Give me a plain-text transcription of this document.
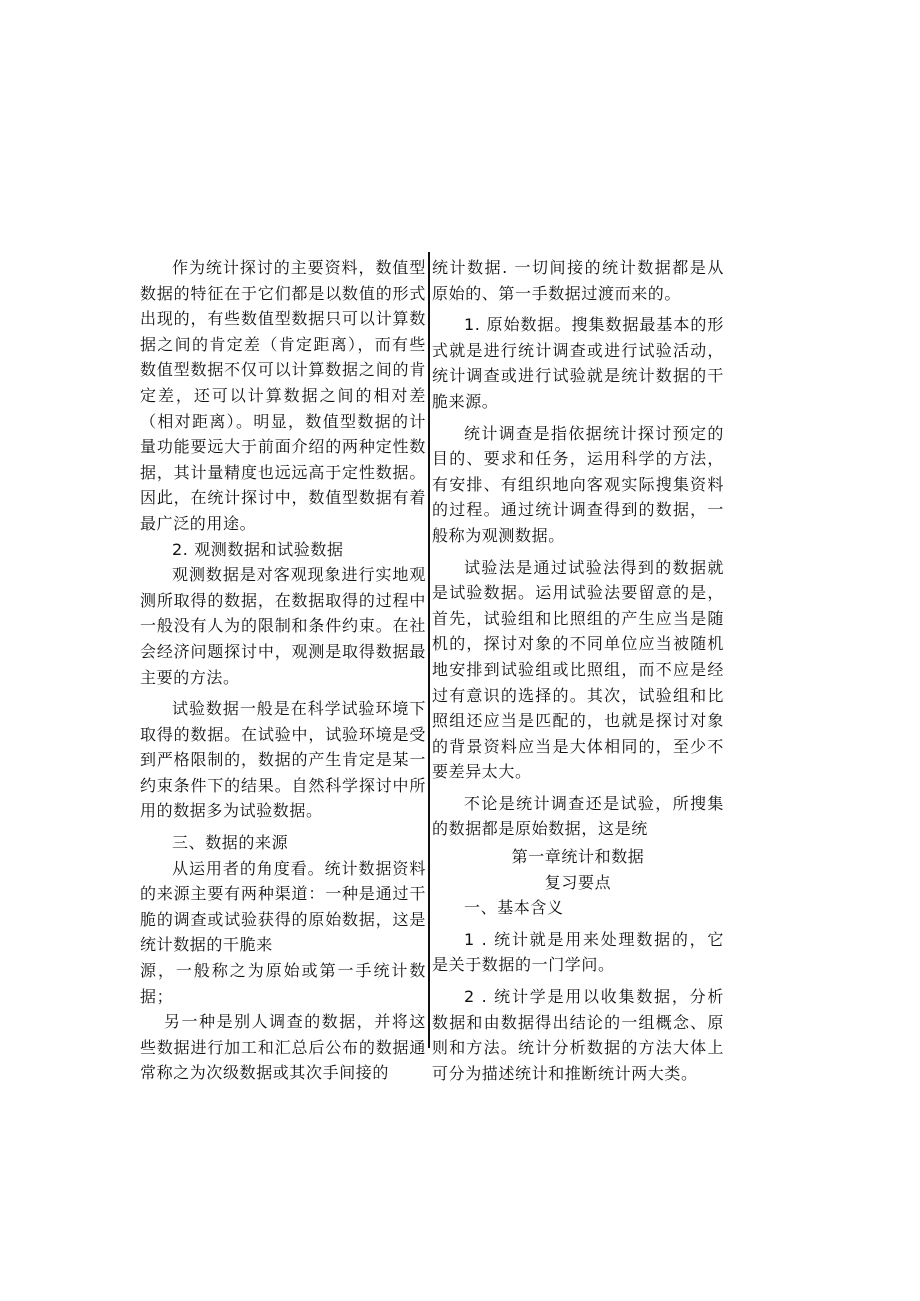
作为统计探讨的主要资料，数值型数据的特征在于它们都是以数值的形式出现的，有些数值型数据只可以计算数据之间的肯定差（肯定距离），而有些数值型数据不仅可以计算数据之间的肯定差，还可以计算数据之间的相对差（相对距离）。明显，数值型数据的计量功能要远大于前面介绍的两种定性数据，其计量精度也远远高于定性数据。因此，在统计探讨中，数值型数据有着最广泛的用途。

2. 观测数据和试验数据

观测数据是对客观现象进行实地观测所取得的数据，在数据取得的过程中一般没有人为的限制和条件约束。在社会经济问题探讨中，观测是取得数据最主要的方法。

试验数据一般是在科学试验环境下取得的数据。在试验中，试验环境是受到严格限制的，数据的产生肯定是某一约束条件下的结果。自然科学探讨中所用的数据多为试验数据。

三、数据的来源

从运用者的角度看。统计数据资料的来源主要有两种渠道：一种是通过干脆的调查或试验获得的原始数据，这是统计数据的干脆来

源，一般称之为原始或第一手统计数据；

另一种是别人调查的数据，并将这些数据进行加工和汇总后公布的数据通常称之为次级数据或其次手间接的

统计数据. 一切间接的统计数据都是从原始的、第一手数据过渡而来的。

1. 原始数据。搜集数据最基本的形式就是进行统计调查或进行试验活动，统计调查或进行试验就是统计数据的干脆来源。

统计调查是指依据统计探讨预定的目的、要求和任务，运用科学的方法，有安排、有组织地向客观实际搜集资料的过程。通过统计调查得到的数据，一般称为观测数据。

试验法是通过试验法得到的数据就是试验数据。运用试验法要留意的是，首先，试验组和比照组的产生应当是随机的，探讨对象的不同单位应当被随机地安排到试验组或比照组，而不应是经过有意识的选择的。其次，试验组和比照组还应当是匹配的，也就是探讨对象的背景资料应当是大体相同的，至少不要差异太大。

不论是统计调查还是试验，所搜集的数据都是原始数据，这是统

第一章统计和数据

复习要点

一、基本含义

1 . 统计就是用来处理数据的，它是关于数据的一门学问。

2 . 统计学是用以收集数据，分析数据和由数据得出结论的一组概念、原则和方法。统计分析数据的方法大体上可分为描述统计和推断统计两大类。
